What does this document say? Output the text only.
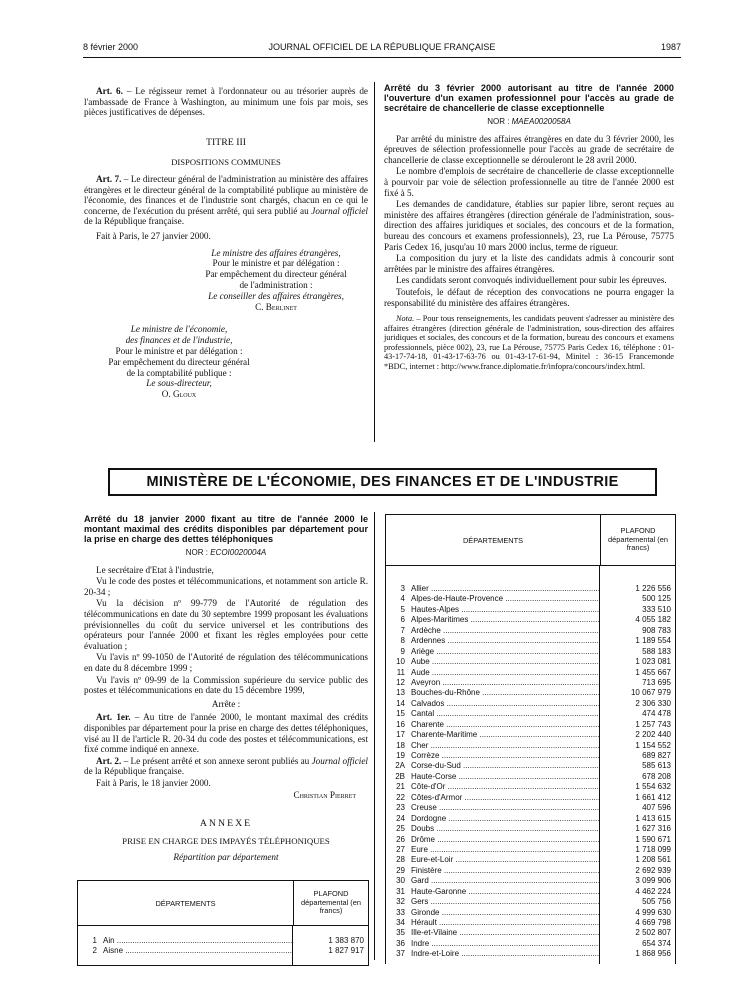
8 février 2000	JOURNAL OFFICIEL DE LA RÉPUBLIQUE FRANÇAISE	1987

Art. 6. – Le régisseur remet à l'ordonnateur ou au trésorier auprès de l'ambassade de France à Washington, au minimum une fois par mois, ses pièces justificatives de dépenses.

TITRE III
DISPOSITIONS COMMUNES

Art. 7. – Le directeur général de l'administration au ministère des affaires étrangères et le directeur général de la comptabilité publique au ministère de l'économie, des finances et de l'industrie sont chargés, chacun en ce qui le concerne, de l'exécution du présent arrêté, qui sera publié au Journal officiel de la République française.

Fait à Paris, le 27 janvier 2000.

Le ministre des affaires étrangères,
Pour le ministre et par délégation :
Par empêchement du directeur général
de l'administration :
Le conseiller des affaires étrangères,
C. Berlinet
Le ministre de l'économie,
des finances et de l'industrie,
Pour le ministre et par délégation :
Par empêchement du directeur général
de la comptabilité publique :
Le sous-directeur,
O. Gloux
Arrêté du 3 février 2000 autorisant au titre de l'année 2000 l'ouverture d'un examen professionnel pour l'accès au grade de secrétaire de chancellerie de classe exceptionnelle
NOR : MAEA0020058A

Par arrêté du ministre des affaires étrangères en date du 3 février 2000, les épreuves de sélection professionnelle pour l'accès au grade de secrétaire de chancellerie de classe exceptionnelle se dérouleront le 28 avril 2000.

Le nombre d'emplois de secrétaire de chancellerie de classe exceptionnelle à pourvoir par voie de sélection professionnelle au titre de l'année 2000 est fixé à 5.

Les demandes de candidature, établies sur papier libre, seront reçues au ministère des affaires étrangères (direction générale de l'administration, sous-direction des affaires juridiques et sociales, des concours et de la formation, bureau des concours et examens professionnels), 23, rue La Pérouse, 75775 Paris Cedex 16, jusqu'au 10 mars 2000 inclus, terme de rigueur.

La composition du jury et la liste des candidats admis à concourir sont arrêtées par le ministre des affaires étrangères.

Les candidats seront convoqués individuellement pour subir les épreuves.

Toutefois, le défaut de réception des convocations ne pourra engager la responsabilité du ministère des affaires étrangères.

Nota. – Pour tous renseignements, les candidats peuvent s'adresser au ministère des affaires étrangères (direction générale de l'administration, sous-direction des affaires juridiques et sociales, des concours et de la formation, bureau des concours et examens professionnels, pièce 002), 23, rue La Pérouse, 75775 Paris Cedex 16, téléphone : 01-43-17-74-18, 01-43-17-63-76 ou 01-43-17-61-94, Minitel : 36-15 Francemonde *BDC, internet : http://www.france.diplomatie.fr/infopra/concours/index.html.

MINISTÈRE DE L'ÉCONOMIE, DES FINANCES ET DE L'INDUSTRIE
Arrêté du 18 janvier 2000 fixant au titre de l'année 2000 le montant maximal des crédits disponibles par département pour la prise en charge des dettes téléphoniques
NOR : ECOI0020004A

Le secrétaire d'Etat à l'industrie,

Vu le code des postes et télécommunications, et notamment son article R. 20-34 ;

Vu la décision nº 99-779 de l'Autorité de régulation des télécommunications en date du 30 septembre 1999 proposant les évaluations prévisionnelles du coût du service universel et les contributions des opérateurs pour l'année 2000 et fixant les règles employées pour cette évaluation ;

Vu l'avis nº 99-1050 de l'Autorité de régulation des télécommunications en date du 8 décembre 1999 ;

Vu l'avis nº 09-99 de la Commission supérieure du service public des postes et télécommunications en date du 15 décembre 1999,

Arrête :

Art. 1er. – Au titre de l'année 2000, le montant maximal des crédits disponibles par département pour la prise en charge des dettes téléphoniques, visé au II de l'article R. 20-34 du code des postes et télécommunications, est fixé comme indiqué en annexe.

Art. 2. – Le présent arrêté et son annexe seront publiés au Journal officiel de la République française.

Fait à Paris, le 18 janvier 2000.

Christian Pierret
ANNEXE
PRISE EN CHARGE DES IMPAYÉS TÉLÉPHONIQUES
Répartition par département
DÉPARTEMENTS
PLAFOND départemental (en francs)
1 Ain .....	1 383 870
2 Aisne .....	1 827 917
DÉPARTEMENTS
PLAFOND départemental (en francs)
3 Allier .....	1 226 556
4 Alpes-de-Haute-Provence .....	500 125
5 Hautes-Alpes .....	333 510
6 Alpes-Maritimes .....	4 055 182
7 Ardèche .....	908 783
8 Ardennes .....	1 189 554
9 Ariège .....	588 183
10 Aube .....	1 023 081
11 Aude .....	1 455 667
12 Aveyron .....	713 695
13 Bouches-du-Rhône .....	10 067 979
14 Calvados .....	2 306 330
15 Cantal .....	474 478
16 Charente .....	1 257 743
17 Charente-Maritime .....	2 202 440
18 Cher .....	1 154 552
19 Corrèze .....	689 827
2A Corse-du-Sud .....	585 613
2B Haute-Corse .....	678 208
21 Côte-d'Or .....	1 554 632
22 Côtes-d'Armor .....	1 661 412
23 Creuse .....	407 596
24 Dordogne .....	1 413 615
25 Doubs .....	1 627 316
26 Drôme .....	1 590 671
27 Eure .....	1 718 099
28 Eure-et-Loir .....	1 208 561
29 Finistère .....	2 692 939
30 Gard .....	3 099 906
31 Haute-Garonne .....	4 462 224
32 Gers .....	505 756
33 Gironde .....	4 999 630
34 Hérault .....	4 669 798
35 Ille-et-Vilaine .....	2 502 807
36 Indre .....	654 374
37 Indre-et-Loire .....	1 868 956
